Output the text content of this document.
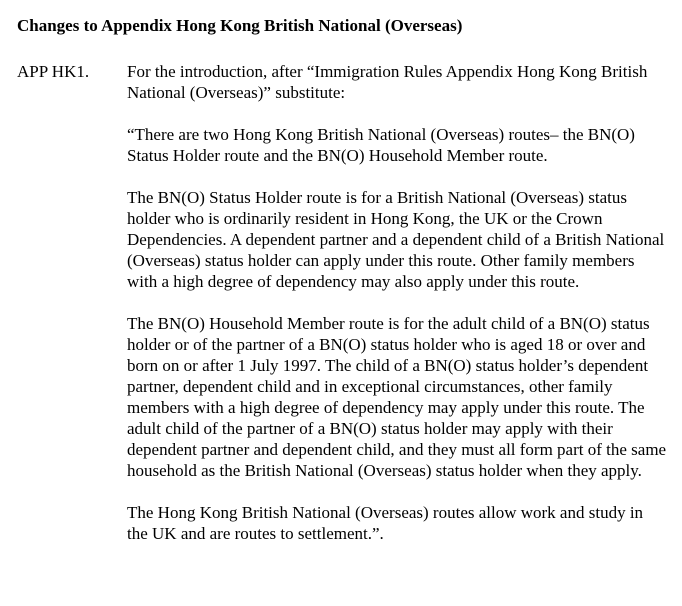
Changes to Appendix Hong Kong British National (Overseas)
APP HK1. For the introduction, after “Immigration Rules Appendix Hong Kong British National (Overseas)” substitute:

“There are two Hong Kong British National (Overseas) routes– the BN(O) Status Holder route and the BN(O) Household Member route.

The BN(O) Status Holder route is for a British National (Overseas) status holder who is ordinarily resident in Hong Kong, the UK or the Crown Dependencies. A dependent partner and a dependent child of a British National (Overseas) status holder can apply under this route. Other family members with a high degree of dependency may also apply under this route.

The BN(O) Household Member route is for the adult child of a BN(O) status holder or of the partner of a BN(O) status holder who is aged 18 or over and born on or after 1 July 1997. The child of a BN(O) status holder’s dependent partner, dependent child and in exceptional circumstances, other family members with a high degree of dependency may apply under this route. The adult child of the partner of a BN(O) status holder may apply with their dependent partner and dependent child, and they must all form part of the same household as the British National (Overseas) status holder when they apply.

The Hong Kong British National (Overseas) routes allow work and study in the UK and are routes to settlement.”.
